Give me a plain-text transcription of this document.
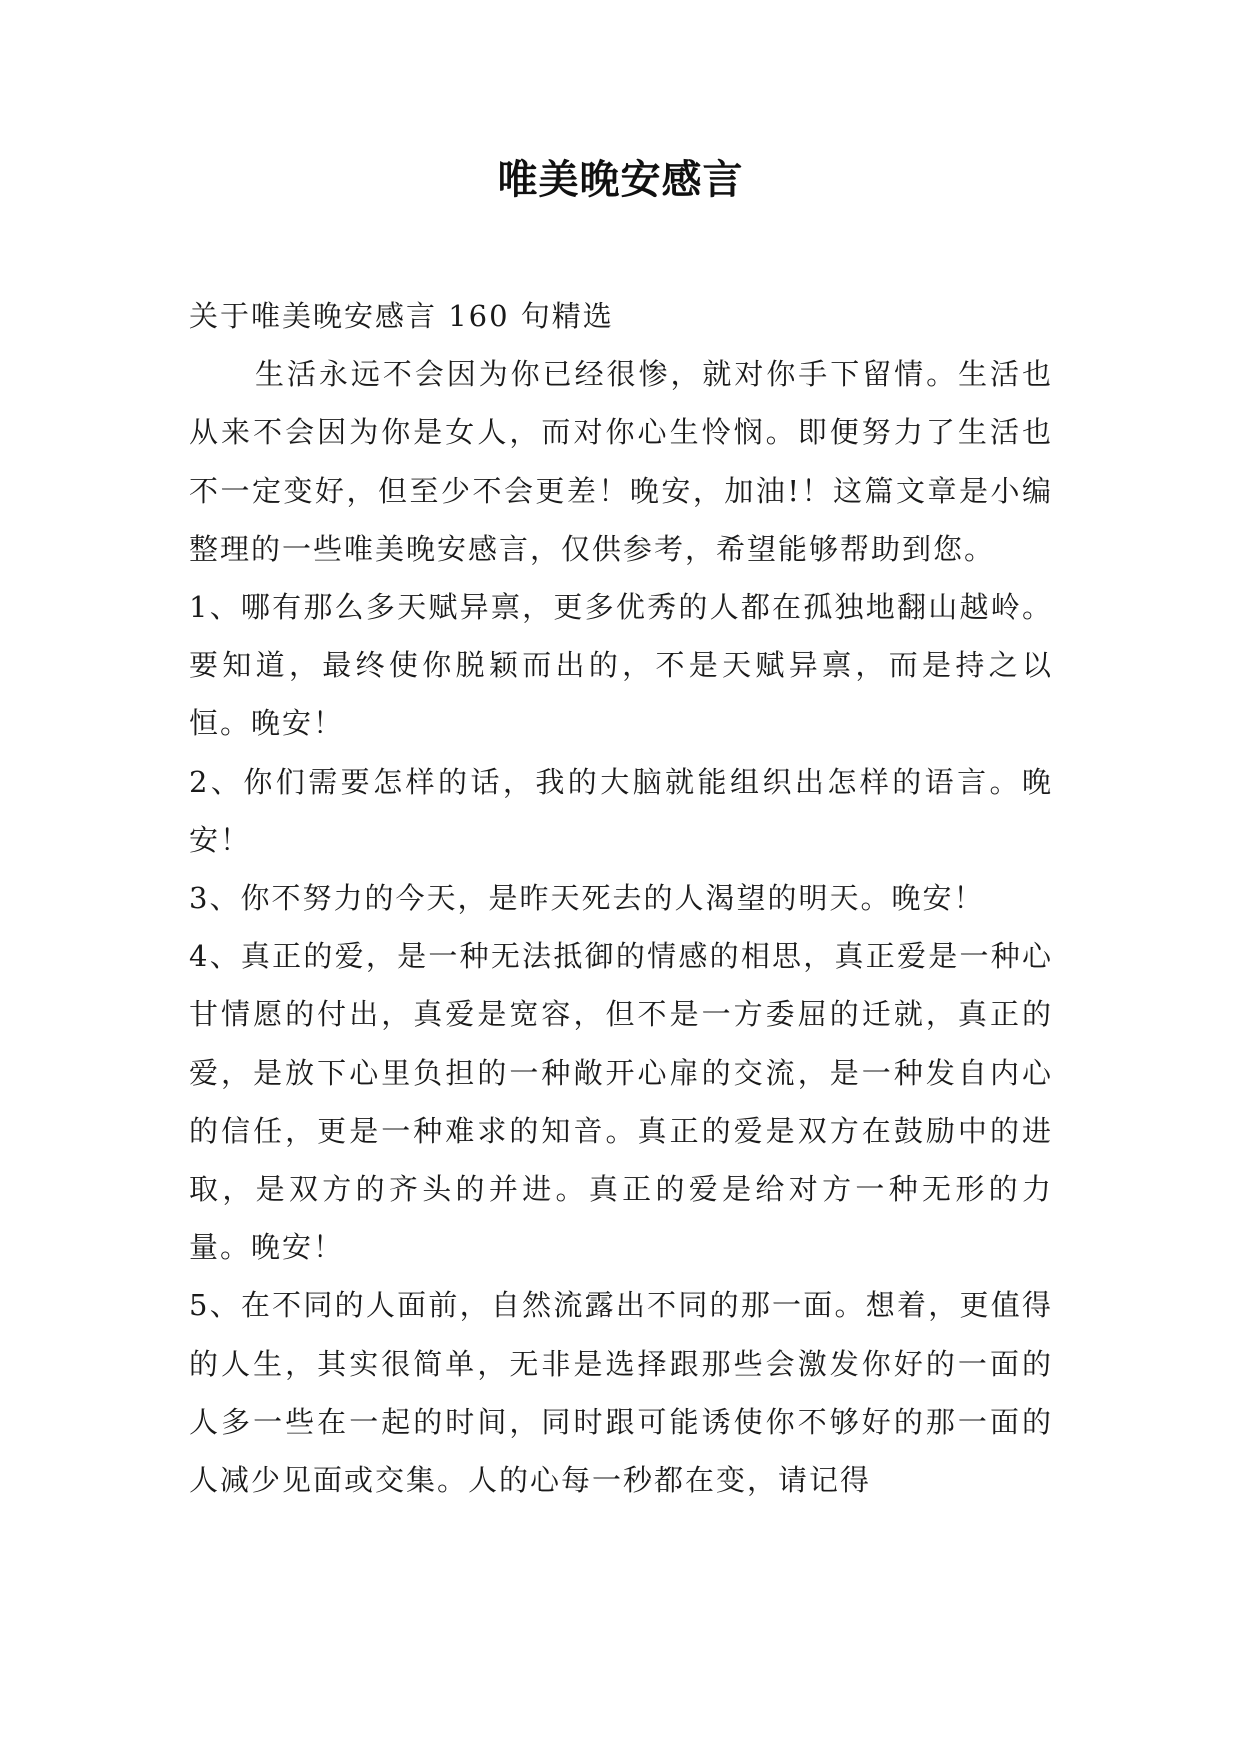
唯美晚安感言

关于唯美晚安感言 160 句精选

生活永远不会因为你已经很惨，就对你手下留情。生活也从来不会因为你是女人，而对你心生怜悯。即便努力了生活也不一定变好，但至少不会更差！晚安，加油!！这篇文章是小编整理的一些唯美晚安感言，仅供参考，希望能够帮助到您。

1、哪有那么多天赋异禀，更多优秀的人都在孤独地翻山越岭。要知道，最终使你脱颖而出的，不是天赋异禀，而是持之以恒。晚安！

2、你们需要怎样的话，我的大脑就能组织出怎样的语言。晚安！

3、你不努力的今天，是昨天死去的人渴望的明天。晚安！

4、真正的爱，是一种无法抵御的情感的相思，真正爱是一种心甘情愿的付出，真爱是宽容，但不是一方委屈的迁就，真正的爱，是放下心里负担的一种敞开心扉的交流，是一种发自内心的信任，更是一种难求的知音。真正的爱是双方在鼓励中的进取，是双方的齐头的并进。真正的爱是给对方一种无形的力量。晚安！

5、在不同的人面前，自然流露出不同的那一面。想着，更值得的人生，其实很简单，无非是选择跟那些会激发你好的一面的人多一些在一起的时间，同时跟可能诱使你不够好的那一面的人减少见面或交集。人的心每一秒都在变，请记得
